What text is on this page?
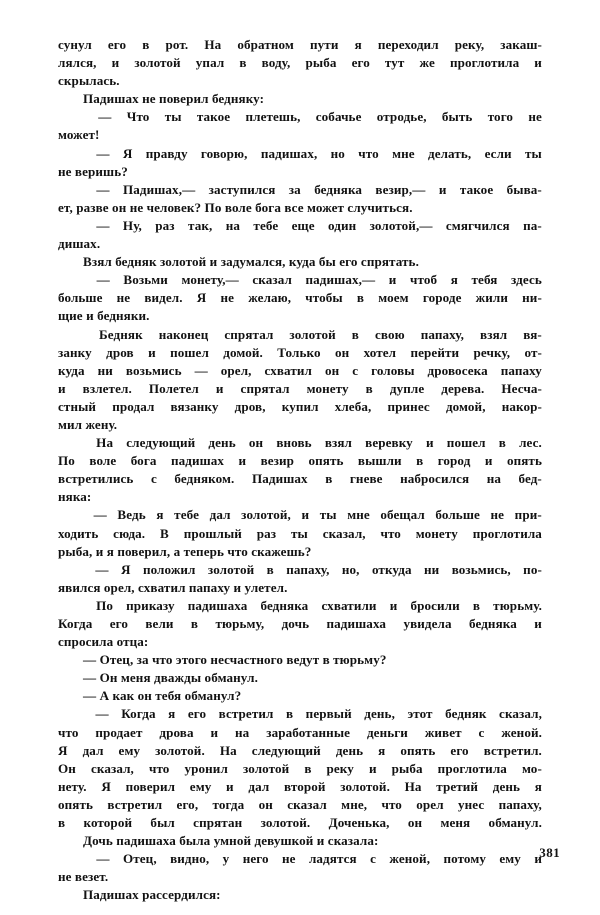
сунул его в рот. На обратном пути я переходил реку, закаш-
лялся, и золотой упал в воду, рыба его тут же проглотила и
скрылась.
Падишах не поверил бедняку:
— Что ты такое плетешь, собачье отродье, быть того не
может!
— Я правду говорю, падишах, но что мне делать, если ты
не веришь?
— Падишах,— заступился за бедняка везир,— и такое быва-
ет, разве он не человек? По воле бога все может случиться.
— Ну, раз так, на тебе еще один золотой,— смягчился па-
дишах.
Взял бедняк золотой и задумался, куда бы его спрятать.
— Возьми монету,— сказал падишах,— и чтоб я тебя здесь
больше не видел. Я не желаю, чтобы в моем городе жили ни-
щие и бедняки.
Бедняк наконец спрятал золотой в свою папаху, взял вя-
занку дров и пошел домой. Только он хотел перейти речку, от-
куда ни возьмись — орел, схватил он с головы дровосека папаху
и взлетел. Полетел и спрятал монету в дупле дерева. Несча-
стный продал вязанку дров, купил хлеба, принес домой, накор-
мил жену.
На следующий день он вновь взял веревку и пошел в лес.
По воле бога падишах и везир опять вышли в город и опять
встретились с бедняком. Падишах в гневе набросился на бед-
няка:
— Ведь я тебе дал золотой, и ты мне обещал больше не при-
ходить сюда. В прошлый раз ты сказал, что монету проглотила
рыба, и я поверил, а теперь что скажешь?
— Я положил золотой в папаху, но, откуда ни возьмись, по-
явился орел, схватил папаху и улетел.
По приказу падишаха бедняка схватили и бросили в тюрьму.
Когда его вели в тюрьму, дочь падишаха увидела бедняка и
спросила отца:
— Отец, за что этого несчастного ведут в тюрьму?
— Он меня дважды обманул.
— А как он тебя обманул?
— Когда я его встретил в первый день, этот бедняк сказал,
что продает дрова и на заработанные деньги живет с женой.
Я дал ему золотой. На следующий день я опять его встретил.
Он сказал, что уронил золотой в реку и рыба проглотила мо-
нету. Я поверил ему и дал второй золотой. На третий день я
опять встретил его, тогда он сказал мне, что орел унес папаху,
в которой был спрятан золотой. Доченька, он меня обманул.
Дочь падишаха была умной девушкой и сказала:
— Отец, видно, у него не ладятся с женой, потому ему и
не везет.
Падишах рассердился:
381
